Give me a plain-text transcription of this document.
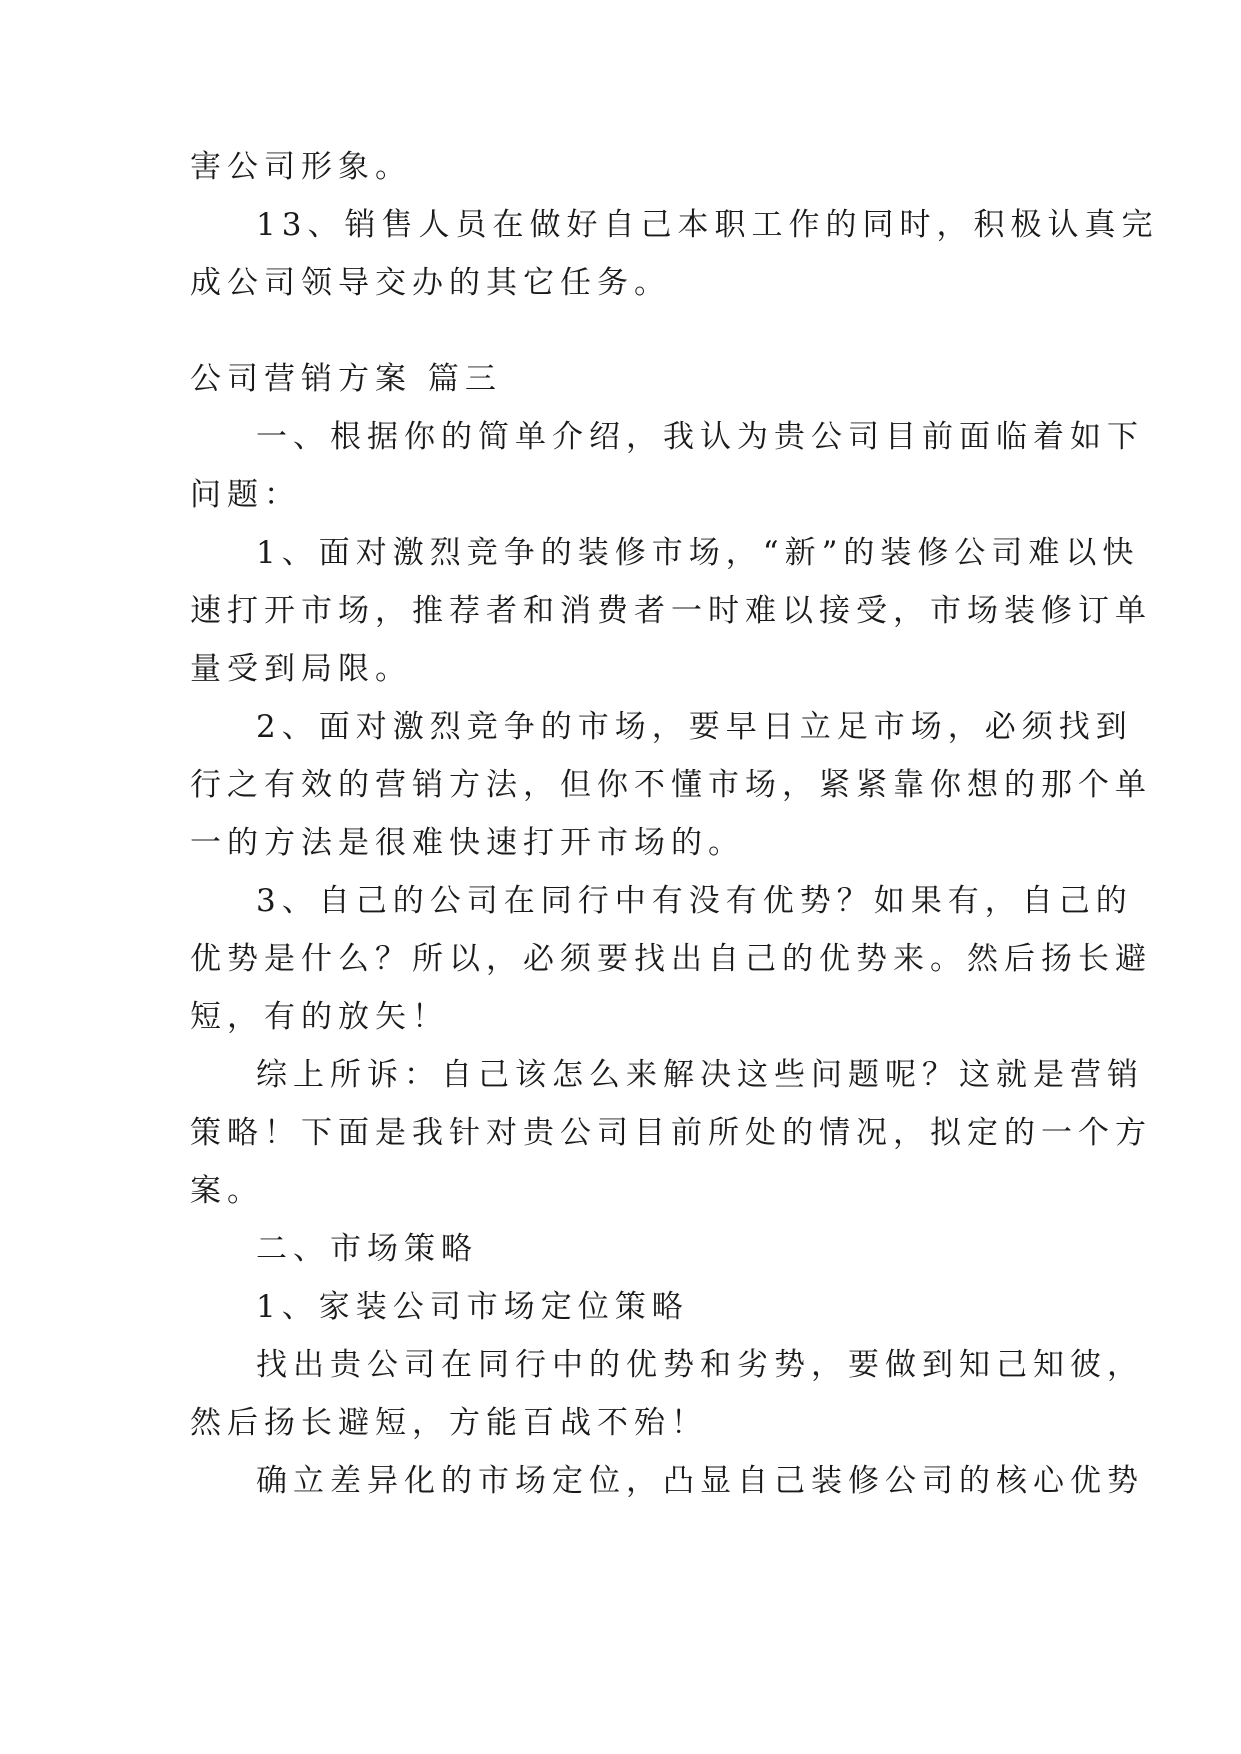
害公司形象。
13、销售人员在做好自己本职工作的同时，积极认真完
成公司领导交办的其它任务。
公司营销方案 篇三
一、根据你的简单介绍，我认为贵公司目前面临着如下
问题：
1、面对激烈竞争的装修市场，“新”的装修公司难以快
速打开市场，推荐者和消费者一时难以接受，市场装修订单
量受到局限。
2、面对激烈竞争的市场，要早日立足市场，必须找到
行之有效的营销方法，但你不懂市场，紧紧靠你想的那个单
一的方法是很难快速打开市场的。
3、自己的公司在同行中有没有优势？如果有，自己的
优势是什么？所以，必须要找出自己的优势来。然后扬长避
短，有的放矢！
综上所诉：自己该怎么来解决这些问题呢？这就是营销
策略！下面是我针对贵公司目前所处的情况，拟定的一个方
案。
二、市场策略
1、家装公司市场定位策略
找出贵公司在同行中的优势和劣势，要做到知己知彼，
然后扬长避短，方能百战不殆！
确立差异化的市场定位，凸显自己装修公司的核心优势
